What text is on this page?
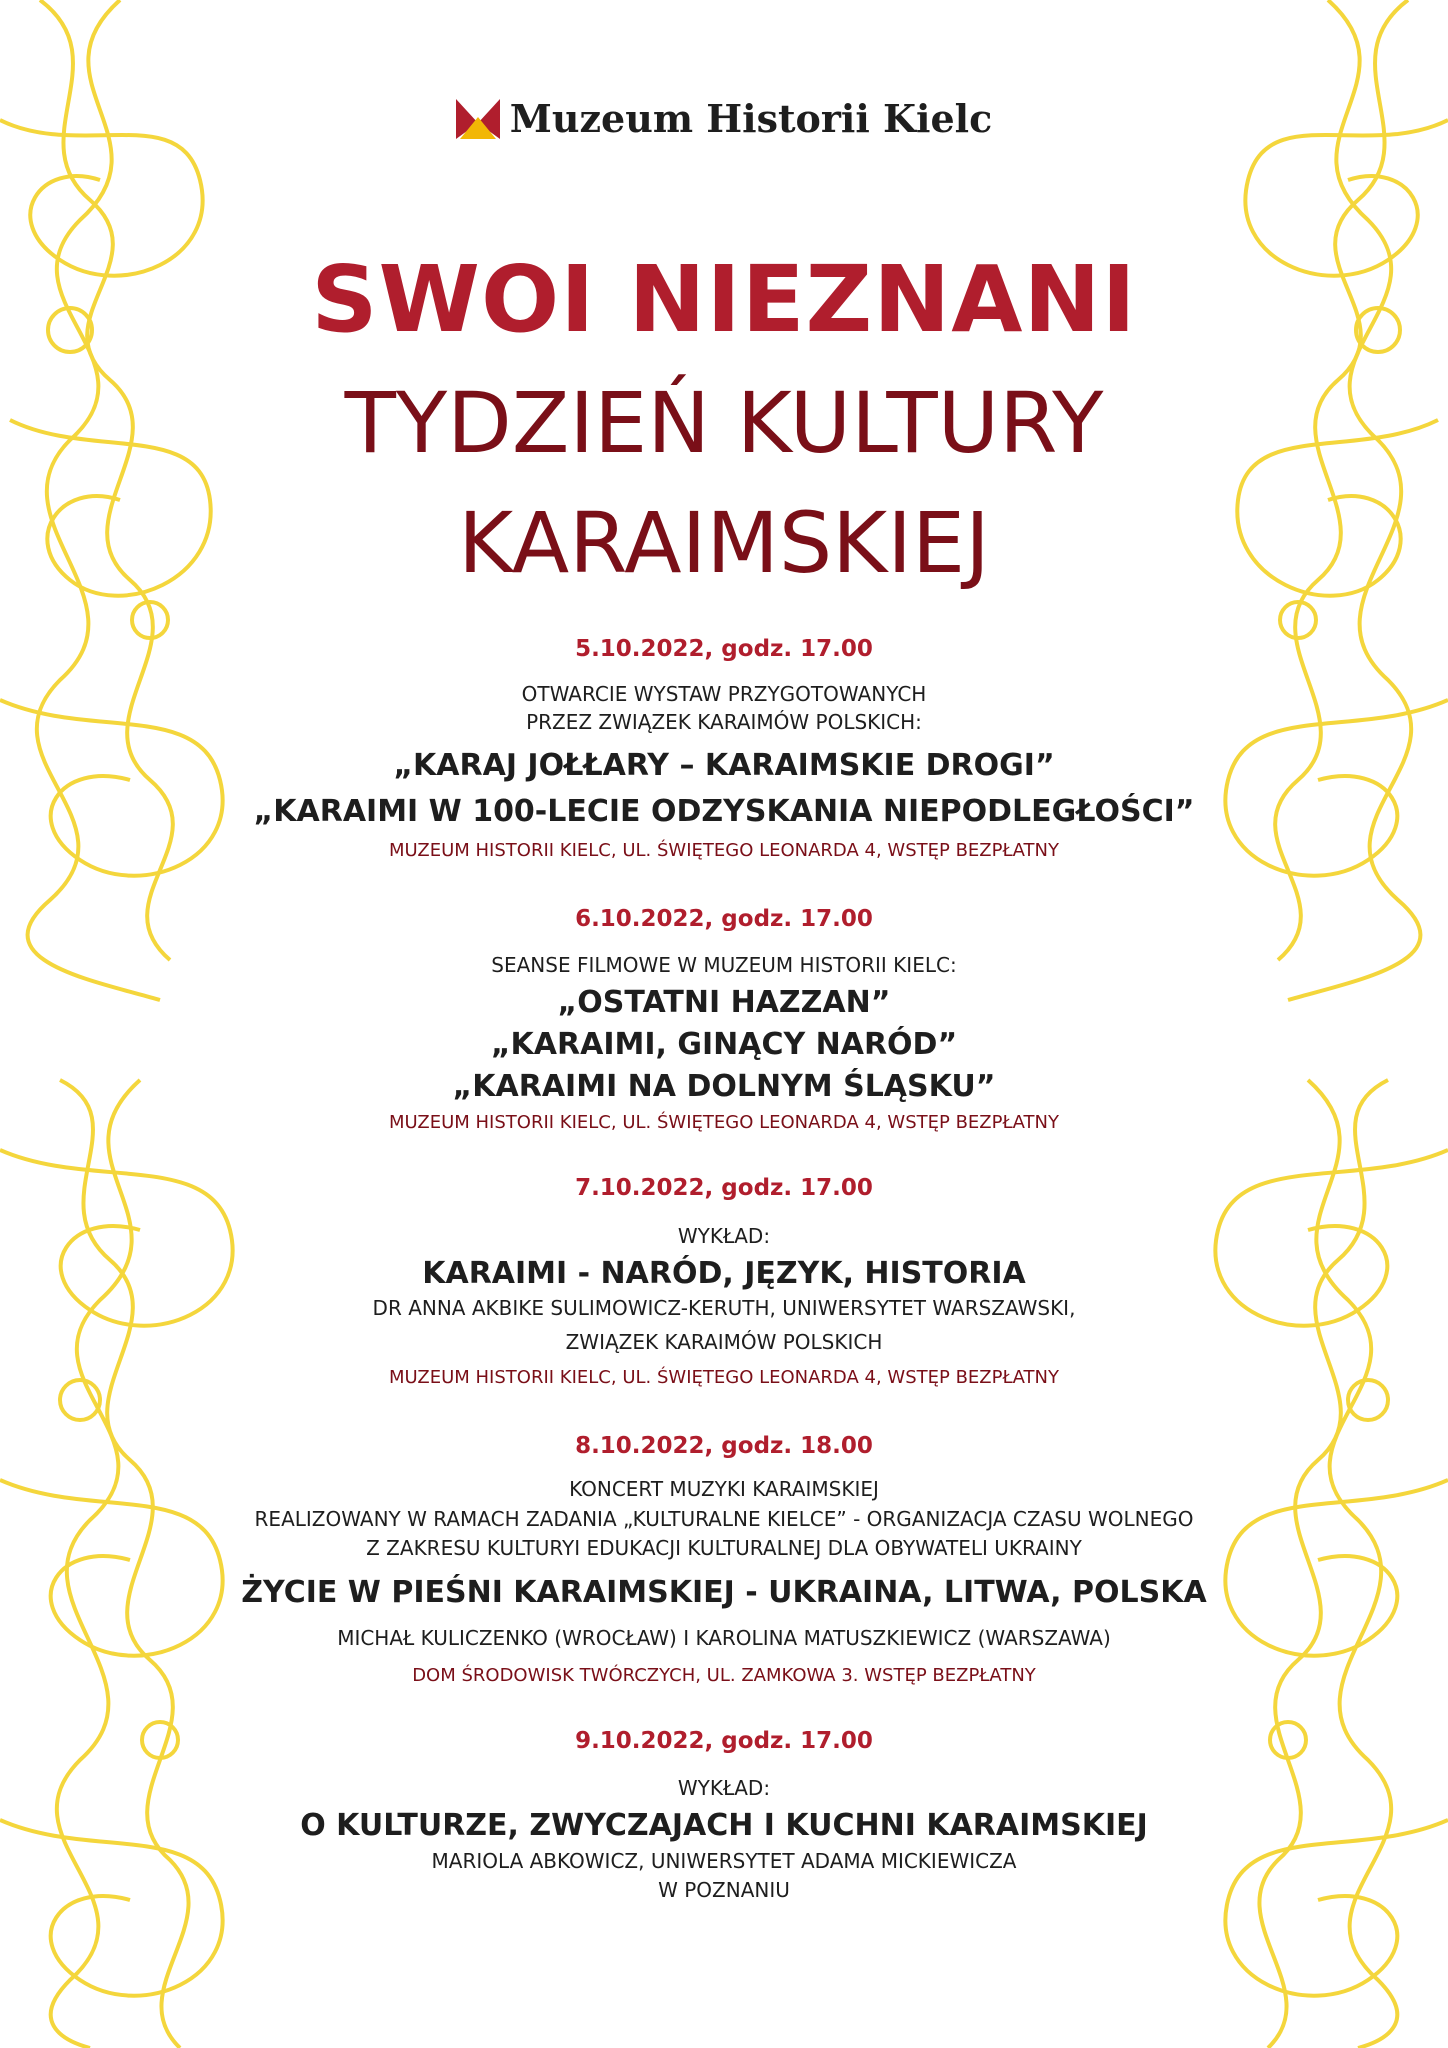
Muzeum Historii Kielc
SWOI NIEZNANI
TYDZIEŃ KULTURY
KARAIMSKIEJ
5.10.2022, godz. 17.00
OTWARCIE WYSTAW PRZYGOTOWANYCH
PRZEZ ZWIĄZEK KARAIMÓW POLSKICH:
„KARAJ JOŁŁARY – KARAIMSKIE DROGI”
„KARAIMI W 100-LECIE ODZYSKANIA NIEPODLEGŁOŚCI”
MUZEUM HISTORII KIELC, UL. ŚWIĘTEGO LEONARDA 4, WSTĘP BEZPŁATNY
6.10.2022, godz. 17.00
SEANSE FILMOWE W MUZEUM HISTORII KIELC:
„OSTATNI HAZZAN”
„KARAIMI, GINĄCY NARÓD”
„KARAIMI NA DOLNYM ŚLĄSKU”
MUZEUM HISTORII KIELC, UL. ŚWIĘTEGO LEONARDA 4, WSTĘP BEZPŁATNY
7.10.2022, godz. 17.00
WYKŁAD:
KARAIMI - NARÓD, JĘZYK, HISTORIA
DR ANNA AKBIKE SULIMOWICZ-KERUTH, UNIWERSYTET WARSZAWSKI,
ZWIĄZEK KARAIMÓW POLSKICH
MUZEUM HISTORII KIELC, UL. ŚWIĘTEGO LEONARDA 4, WSTĘP BEZPŁATNY
8.10.2022, godz. 18.00
KONCERT MUZYKI KARAIMSKIEJ
REALIZOWANY W RAMACH ZADANIA „KULTURALNE KIELCE” - ORGANIZACJA CZASU WOLNEGO
Z ZAKRESU KULTURYI EDUKACJI KULTURALNEJ DLA OBYWATELI UKRAINY
ŻYCIE W PIEŚNI KARAIMSKIEJ - UKRAINA, LITWA, POLSKA
MICHAŁ KULICZENKO (WROCŁAW) I KAROLINA MATUSZKIEWICZ (WARSZAWA)
DOM ŚRODOWISK TWÓRCZYCH, UL. ZAMKOWA 3. WSTĘP BEZPŁATNY
9.10.2022, godz. 17.00
WYKŁAD:
O KULTURZE, ZWYCZAJACH I KUCHNI KARAIMSKIEJ
MARIOLA ABKOWICZ, UNIWERSYTET ADAMA MICKIEWICZA
W POZNANIU
